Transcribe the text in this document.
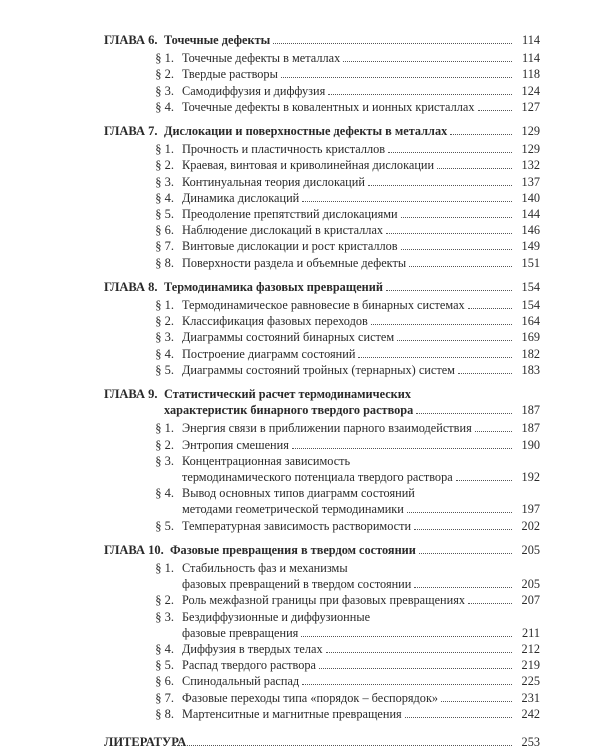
ГЛАВА 6. Точечные дефекты	114
§ 1. Точечные дефекты в металлах	114
§ 2. Твердые растворы	118
§ 3. Самодиффузия и диффузия	124
§ 4. Точечные дефекты в ковалентных и ионных кристаллах	127
ГЛАВА 7. Дислокации и поверхностные дефекты в металлах	129
§ 1. Прочность и пластичность кристаллов	129
§ 2. Краевая, винтовая и криволинейная дислокации	132
§ 3. Континуальная теория дислокаций	137
§ 4. Динамика дислокаций	140
§ 5. Преодоление препятствий дислокациями	144
§ 6. Наблюдение дислокаций в кристаллах	146
§ 7. Винтовые дислокации и рост кристаллов	149
§ 8. Поверхности раздела и объемные дефекты	151
ГЛАВА 8. Термодинамика фазовых превращений	154
§ 1. Термодинамическое равновесие в бинарных системах	154
§ 2. Классификация фазовых переходов	164
§ 3. Диаграммы состояний бинарных систем	169
§ 4. Построение диаграмм состояний	182
§ 5. Диаграммы состояний тройных (тернарных) систем	183
ГЛАВА 9. Статистический расчет термодинамических
характеристик бинарного твердого раствора	187
§ 1. Энергия связи в приближении парного взаимодействия	187
§ 2. Энтропия смешения	190
§ 3. Концентрационная зависимость
термодинамического потенциала твердого раствора	192
§ 4. Вывод основных типов диаграмм состояний
методами геометрической термодинамики	197
§ 5. Температурная зависимость растворимости	202
ГЛАВА 10. Фазовые превращения в твердом состоянии	205
§ 1. Стабильность фаз и механизмы
фазовых превращений в твердом состоянии	205
§ 2. Роль межфазной границы при фазовых превращениях	207
§ 3. Бездиффузионные и диффузионные
фазовые превращения	211
§ 4. Диффузия в твердых телах	212
§ 5. Распад твердого раствора	219
§ 6. Спинодальный распад	225
§ 7. Фазовые переходы типа «порядок – беспорядок»	231
§ 8. Мартенситные и магнитные превращения	242
ЛИТЕРАТУРА	253
